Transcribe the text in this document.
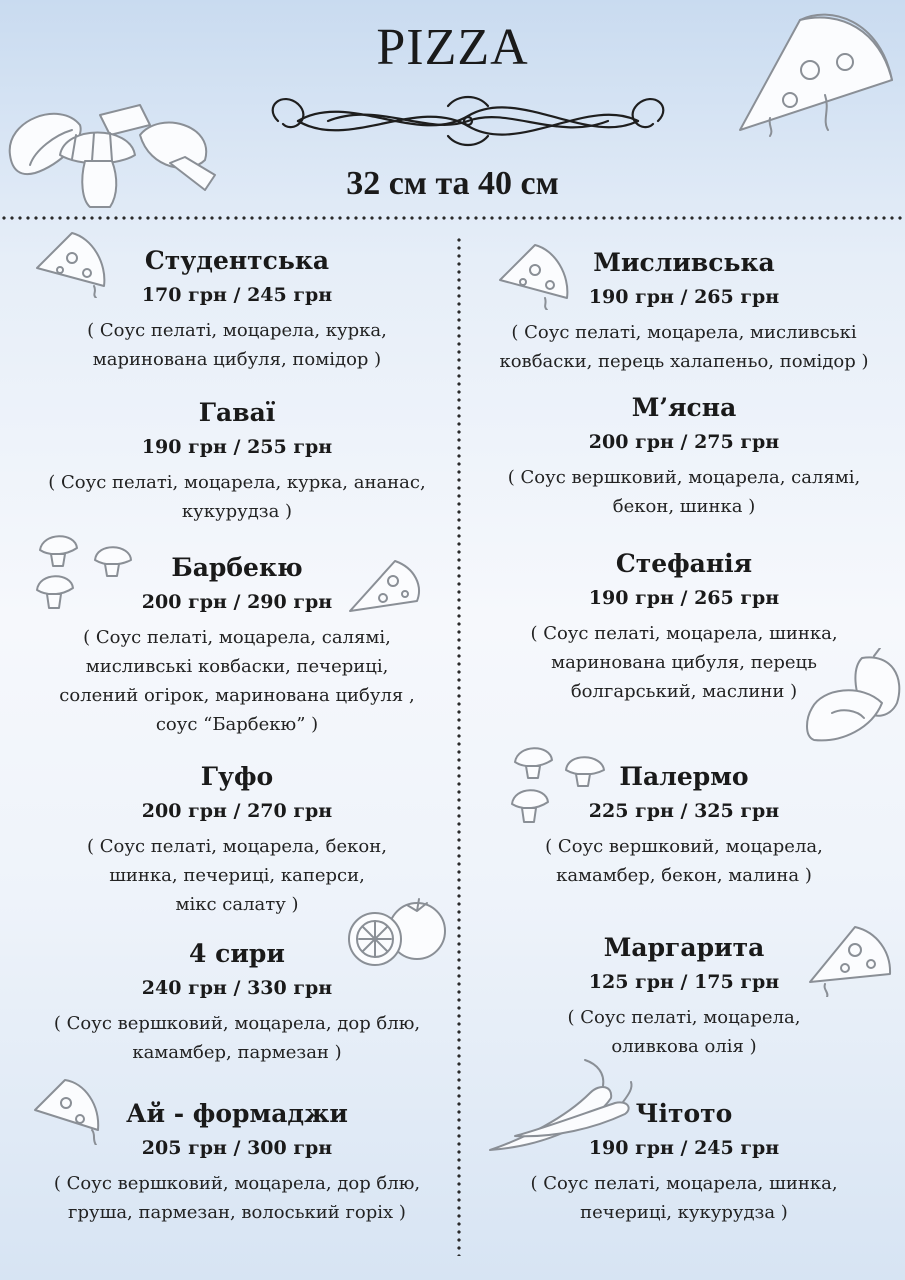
PIZZA
32 см та 40 см
Студентська
170 грн / 245 грн
( Соус пелаті, моцарела, курка,
маринована цибуля, помідор )
Гаваї
190 грн / 255 грн
( Соус пелаті, моцарела, курка, ананас,
кукурудза )
Барбекю
200 грн / 290 грн
( Соус пелаті, моцарела, салямі,
мисливські ковбаски, печериці,
солений огірок, маринована цибуля ,
соус “Барбекю” )
Гуфо
200 грн / 270 грн
( Соус пелаті, моцарела, бекон,
шинка, печериці, каперси,
мікс салату )
4 сири
240 грн / 330 грн
( Соус вершковий, моцарела, дор блю,
камамбер, пармезан )
Ай - формаджи
205 грн / 300 грн
( Соус вершковий, моцарела, дор блю,
груша, пармезан, волоський горіх )
Мисливська
190 грн / 265 грн
( Соус пелаті, моцарела, мисливські
ковбаски, перець халапеньо, помідор )
М’ясна
200 грн / 275 грн
( Соус вершковий, моцарела, салямі,
бекон, шинка )
Стефанія
190 грн / 265 грн
( Соус пелаті, моцарела, шинка,
маринована цибуля, перець
болгарський, маслини )
Палермо
225 грн / 325 грн
( Соус вершковий, моцарела,
камамбер, бекон, малина )
Маргарита
125 грн / 175 грн
( Соус пелаті, моцарела,
оливкова олія )
Чітото
190 грн / 245 грн
( Соус пелаті, моцарела, шинка,
печериці, кукурудза )
